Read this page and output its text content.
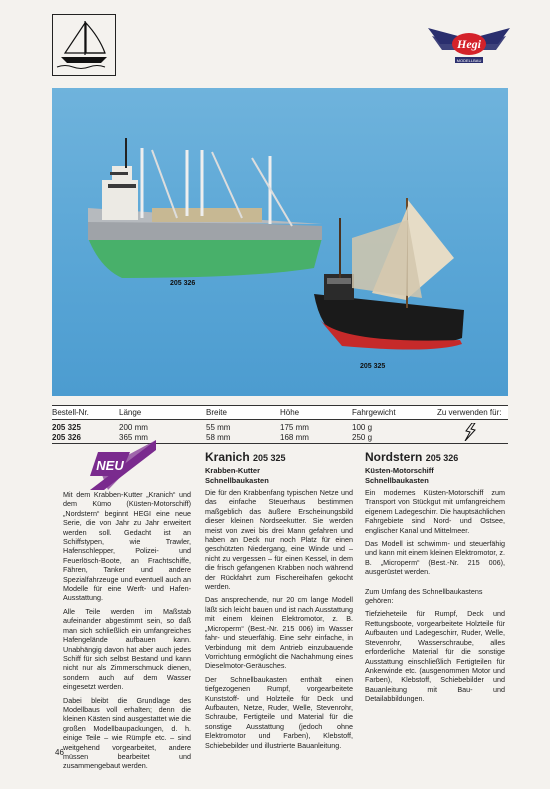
Hegi
MODELLBAU
205 326
205 325
Bestell-Nr.	Länge	Breite	Höhe	Fahrgewicht	Zu verwenden für:
205 325	200 mm	55 mm	175 mm	100 g
205 326	365 mm	58 mm	168 mm	250 g
NEU

Mit dem Krabben-Kutter „Kranich“ und dem Kümo (Küsten-Motorschiff) „Nordstern“ beginnt HEGI eine neue Serie, die von Jahr zu Jahr erweitert werden soll. Gedacht ist an Schiffstypen, wie Trawler, Hafenschlepper, Polizei- und Feuerlösch-Boote, an Frachtschiffe, Fähren, Tanker und andere Spezialfahrzeuge und eventuell auch an Modelle für eine Werft- und Hafen-Ausstattung.

Alle Teile werden im Maßstab aufeinander abgestimmt sein, so daß man sich schließlich ein umfangreiches Hafengelände aufbauen kann. Unabhängig davon hat aber auch jedes Schiff für sich selbst Bestand und kann nicht nur als Zimmerschmuck dienen, sondern auch auf dem Wasser eingesetzt werden.

Dabei bleibt die Grundlage des Modellbaus voll erhalten; denn die kleinen Kästen sind ausgestattet wie die großen Modellbaupackungen, d. h. einige Teile – wie Rümpfe etc. – sind weitgehend vorgearbeitet, andere müssen bearbeitet und zusammengebaut werden.

Kranich 205 325
Krabben-Kutter
Schnellbaukasten

Die für den Krabbenfang typischen Netze und das einfache Steuerhaus bestimmen maßgeblich das äußere Erscheinungsbild dieser kleinen Nordseekutter. Sie werden meist von zwei bis drei Mann gefahren und haben an Deck nur noch Platz für einen geschützten Niedergang, eine Winde und – nicht zu vergessen – für einen Kessel, in dem die frisch gefangenen Krabben noch während der Rückfahrt zum Fischereihafen gekocht werden.

Das ansprechende, nur 20 cm lange Modell läßt sich leicht bauen und ist nach Ausstattung mit einem kleinen Elektromotor, z. B. „Microperm“ (Best.-Nr. 215 006) im Wasser fahr- und steuerfähig. Eine sehr einfache, in Verbindung mit dem Antrieb einzubauende Vorrichtung ermöglicht die Nachahmung eines Dieselmotor-Geräusches.

Der Schnellbaukasten enthält einen tiefgezogenen Rumpf, vorgearbeitete Kunststoff- und Holzteile für Deck und Aufbauten, Netze, Ruder, Welle, Stevenrohr, Schraube, Fertigteile und Material für die sonstige Ausstattung (jedoch ohne Elektromotor und Farben), Klebstoff, Schiebebilder und illustrierte Bauanleitung.

Nordstern 205 326
Küsten-Motorschiff
Schnellbaukasten

Ein modernes Küsten-Motorschiff zum Transport von Stückgut mit umfangreichem eigenem Ladegeschirr. Die hauptsächlichen Fahrgebiete sind Nord- und Ostsee, englischer Kanal und Mittelmeer.

Das Modell ist schwimm- und steuerfähig und kann mit einem kleinen Elektromotor, z. B. „Microperm“ (Best.-Nr. 215 006), ausgerüstet werden.

Zum Umfang des Schnellbaukastens gehören:

Tiefzieheteile für Rumpf, Deck und Rettungsboote, vorgearbeitete Holzteile für Aufbauten und Ladegeschirr, Ruder, Welle, Stevenrohr, Wasserschraube, alles erforderliche Material für die sonstige Ausstattung einschließlich Fertigteilen für Ankerwinde etc. (ausgenommen Motor und Farben), Klebstoff, Schiebebilder und Bauanleitung mit Bau- und Detailabbildungen.

46
